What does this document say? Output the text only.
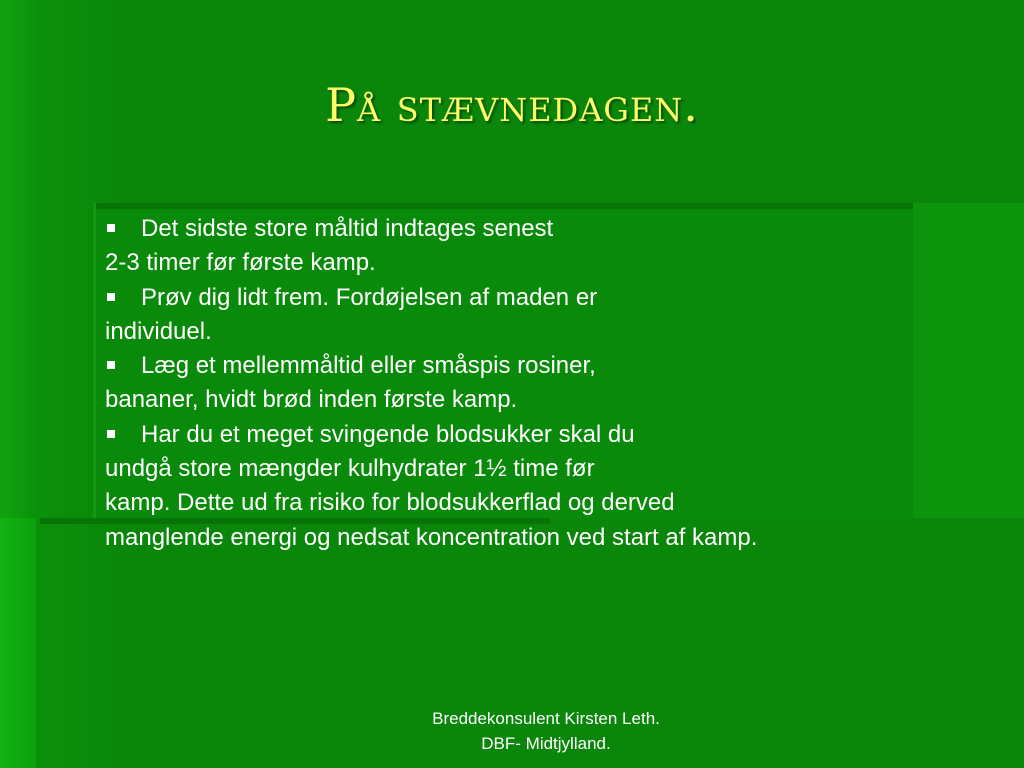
På stævnedagen.
Det sidste store måltid indtages senest
2-3 timer før første kamp.
Prøv dig lidt frem. Fordøjelsen af maden er
individuel.
Læg et mellemmåltid eller småspis rosiner,
bananer, hvidt brød inden første kamp.
Har du et meget svingende blodsukker skal du
undgå store mængder kulhydrater 1½ time før
kamp. Dette ud fra risiko for blodsukkerflad og derved
manglende energi og nedsat koncentration ved start af kamp.
Breddekonsulent Kirsten Leth.
DBF- Midtjylland.
